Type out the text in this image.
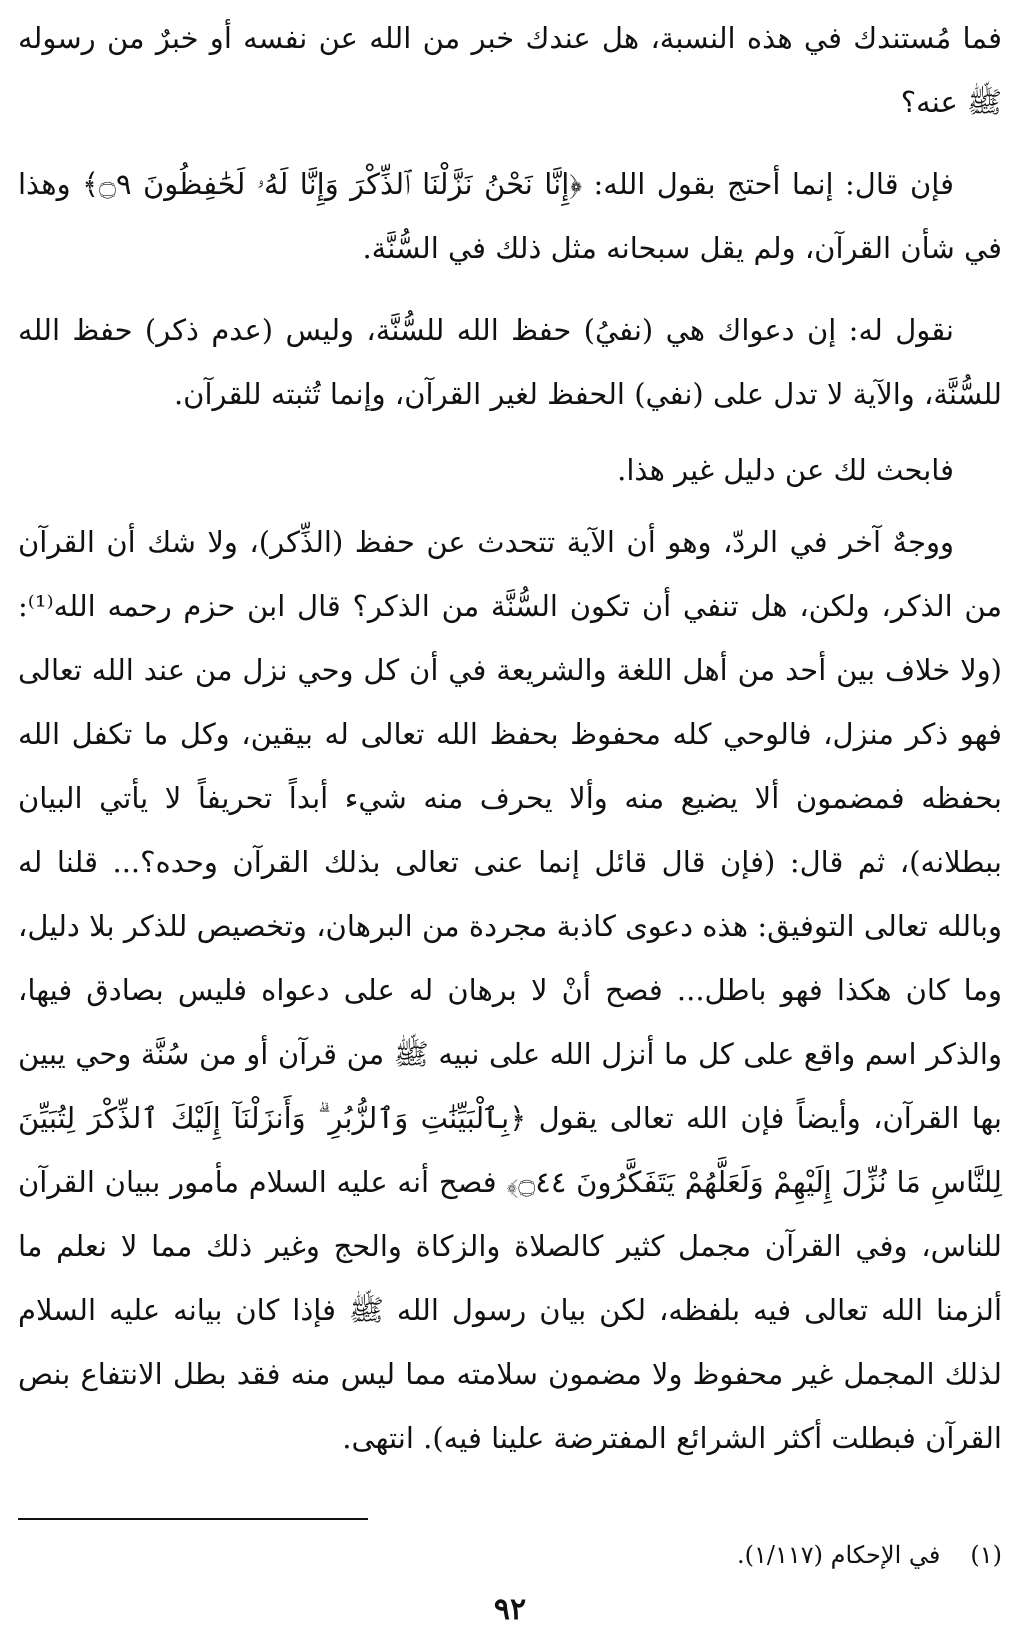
فما مُستندك في هذه النسبة، هل عندك خبر من الله عن نفسه أو خبرٌ من رسوله ﷺ عنه؟

فإن قال: إنما أحتج بقول الله: ﴿إِنَّا نَحْنُ نَزَّلْنَا ٱلذِّكْرَ وَإِنَّا لَهُۥ لَحَٰفِظُونَ ۝٩﴾ وهذا في شأن القرآن، ولم يقل سبحانه مثل ذلك في السُّنَّة.

نقول له: إن دعواك هي (نفيُ) حفظ الله للسُّنَّة، وليس (عدم ذكر) حفظ الله للسُّنَّة، والآية لا تدل على (نفي) الحفظ لغير القرآن، وإنما تُثبته للقرآن.

فابحث لك عن دليل غير هذا.

ووجهٌ آخر في الردّ، وهو أن الآية تتحدث عن حفظ (الذِّكر)، ولا شك أن القرآن من الذكر، ولكن، هل تنفي أن تكون السُّنَّة من الذكر؟ قال ابن حزم رحمه الله⁽¹⁾: (ولا خلاف بين أحد من أهل اللغة والشريعة في أن كل وحي نزل من عند الله تعالى فهو ذكر منزل، فالوحي كله محفوظ بحفظ الله تعالى له بيقين، وكل ما تكفل الله بحفظه فمضمون ألا يضيع منه وألا يحرف منه شيء أبداً تحريفاً لا يأتي البيان ببطلانه)، ثم قال: (فإن قال قائل إنما عنى تعالى بذلك القرآن وحده؟... قلنا له وبالله تعالى التوفيق: هذه دعوى كاذبة مجردة من البرهان، وتخصيص للذكر بلا دليل، وما كان هكذا فهو باطل... فصح أنْ لا برهان له على دعواه فليس بصادق فيها، والذكر اسم واقع على كل ما أنزل الله على نبيه ﷺ من قرآن أو من سُنَّة وحي يبين بها القرآن، وأيضاً فإن الله تعالى يقول ﴿بِٱلْبَيِّنَٰتِ وَٱلزُّبُرِ ۗ وَأَنزَلْنَآ إِلَيْكَ ٱلذِّكْرَ لِتُبَيِّنَ لِلنَّاسِ مَا نُزِّلَ إِلَيْهِمْ وَلَعَلَّهُمْ يَتَفَكَّرُونَ ۝٤٤﴾ فصح أنه عليه السلام مأمور ببيان القرآن للناس، وفي القرآن مجمل كثير كالصلاة والزكاة والحج وغير ذلك مما لا نعلم ما ألزمنا الله تعالى فيه بلفظه، لكن بيان رسول الله ﷺ فإذا كان بيانه عليه السلام لذلك المجمل غير محفوظ ولا مضمون سلامته مما ليس منه فقد بطل الانتفاع بنص القرآن فبطلت أكثر الشرائع المفترضة علينا فيه). انتهى.

(١)في الإحكام (١/١١٧).
٩٢
